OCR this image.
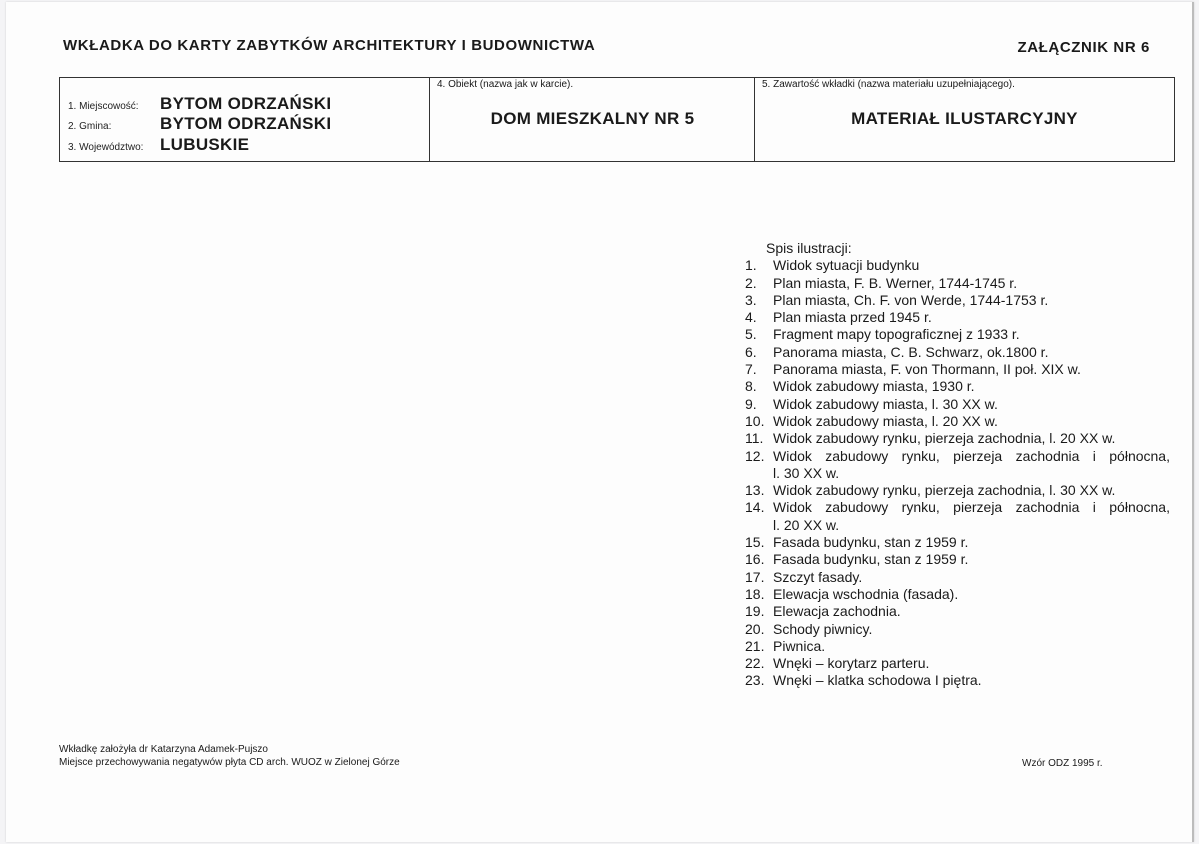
WKŁADKA DO KARTY ZABYTKÓW ARCHITEKTURY I BUDOWNICTWA	ZAŁĄCZNIK NR 6
1. Miejscowość:	BYTOM ODRZAŃSKI
2. Gmina:	BYTOM ODRZAŃSKI
3. Województwo: LUBUSKIE
4. Obiekt (nazwa jak w karcie).
DOM MIESZKALNY NR 5
5. Zawartość wkładki (nazwa materiału uzupełniającego).
MATERIAŁ ILUSTARCYJNY
Spis ilustracji:
1.	Widok sytuacji budynku
2.	Plan miasta, F. B. Werner, 1744-1745 r.
3.	Plan miasta, Ch. F. von Werde, 1744-1753 r.
4.	Plan miasta przed 1945 r.
5.	Fragment mapy topograficznej z 1933 r.
6.	Panorama miasta, C. B. Schwarz, ok.1800 r.
7.	Panorama miasta, F. von Thormann, II poł. XIX w.
8.	Widok zabudowy miasta, 1930 r.
9.	Widok zabudowy miasta, l. 30 XX w.
10. Widok zabudowy miasta, l. 20 XX w.
11. Widok zabudowy rynku, pierzeja zachodnia, l. 20 XX w.
12. Widok zabudowy rynku, pierzeja zachodnia i północna,
l. 30 XX w.
13. Widok zabudowy rynku, pierzeja zachodnia, l. 30 XX w.
14. Widok zabudowy rynku, pierzeja zachodnia i północna,
l. 20 XX w.
15. Fasada budynku, stan z 1959 r.
16. Fasada budynku, stan z 1959 r.
17. Szczyt fasady.
18. Elewacja wschodnia (fasada).
19. Elewacja zachodnia.
20. Schody piwnicy.
21. Piwnica.
22. Wnęki – korytarz parteru.
23. Wnęki – klatka schodowa I piętra.
Wkładkę założyła dr Katarzyna Adamek-Pujszo
Miejsce przechowywania negatywów płyta CD arch. WUOZ w Zielonej Górze	Wzór ODZ 1995 r.
